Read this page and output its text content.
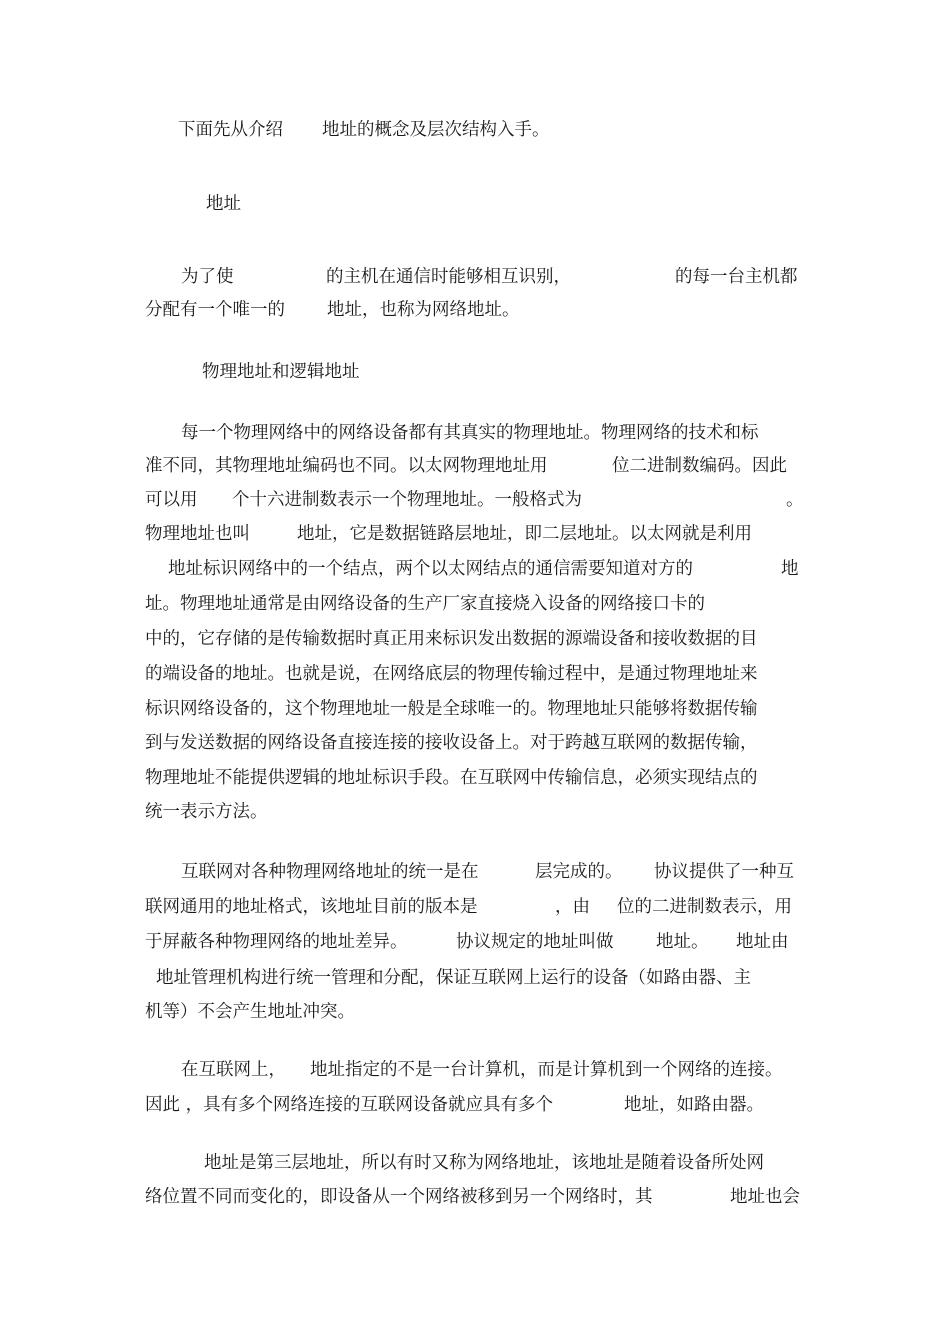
下面先从介绍 地址的概念及层次结构入手。
地址
为了使	的主机在通信时能够相互识别，	的每一台主机都
分配有一个唯一的 地址，也称为网络地址。
物理地址和逻辑地址
每一个物理网络中的网络设备都有其真实的物理地址。物理网络的技术和标
准不同，其物理地址编码也不同。以太网物理地址用	位二进制数编码。因此
可以用 个十六进制数表示一个物理地址。一般格式为	。
物理地址也叫	地址，它是数据链路层地址，即二层地址。以太网就是利用
地址标识网络中的一个结点，两个以太网结点的通信需要知道对方的	地
址。物理地址通常是由网络设备的生产厂家直接烧入设备的网络接口卡的
中的，它存储的是传输数据时真正用来标识发出数据的源端设备和接收数据的目
的端设备的地址。也就是说，在网络底层的物理传输过程中，是通过物理地址来
标识网络设备的，这个物理地址一般是全球唯一的。物理地址只能够将数据传输
到与发送数据的网络设备直接连接的接收设备上。对于跨越互联网的数据传输，
物理地址不能提供逻辑的地址标识手段。在互联网中传输信息，必须实现结点的
统一表示方法。
互联网对各种物理网络地址的统一是在	层完成的。 协议提供了一种互
联网通用的地址格式，该地址目前的版本是	，由 位的二进制数表示，用
于屏蔽各种物理网络的地址差异。	协议规定的地址叫做 地址。 地址由
地址管理机构进行统一管理和分配，保证互联网上运行的设备（如路由器、主
机等）不会产生地址冲突。
在互联网上， 地址指定的不是一台计算机，而是计算机到一个网络的连接。
因此 ，具有多个网络连接的互联网设备就应具有多个	地址，如路由器。
地址是第三层地址，所以有时又称为网络地址，该地址是随着设备所处网
络位置不同而变化的，即设备从一个网络被移到另一个网络时，其	地址也会
